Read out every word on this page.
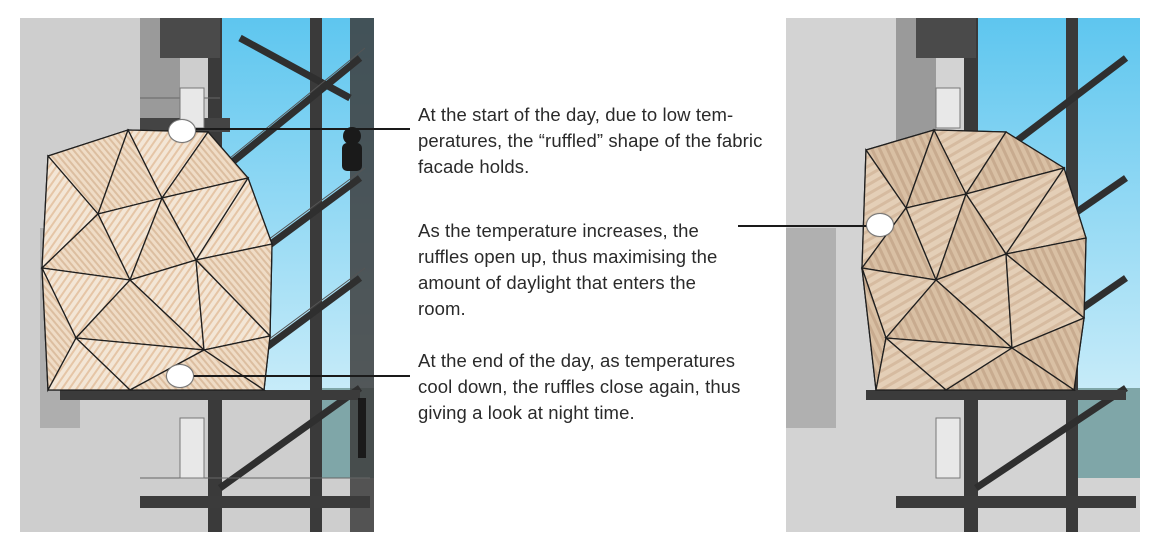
At the start of the day, due to low tem-peratures, the “ruffled” shape of the fabric facade holds.

As the temperature increases, the ruffles open up, thus maximising the amount of daylight that enters the room.

At the end of the day, as temperatures cool down, the ruffles close again, thus giving a look at night time.
